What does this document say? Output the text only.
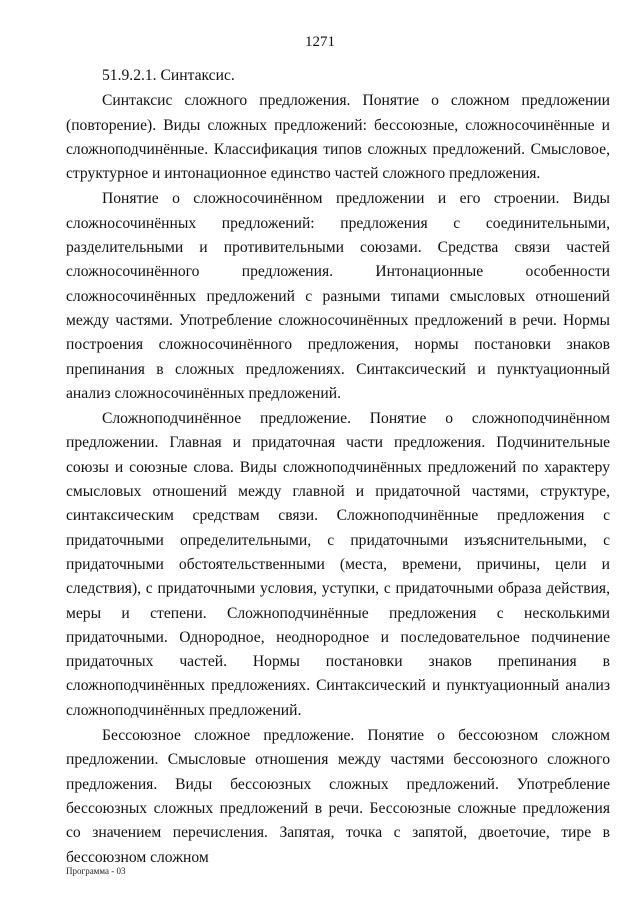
1271

51.9.2.1. Синтаксис.

Синтаксис сложного предложения. Понятие о сложном предложении (повторение). Виды сложных предложений: бессоюзные, сложносочинённые и сложноподчинённые. Классификация типов сложных предложений. Смысловое, структурное и интонационное единство частей сложного предложения.

Понятие о сложносочинённом предложении и его строении. Виды сложносочинённых предложений: предложения с соединительными, разделительными и противительными союзами. Средства связи частей сложносочинённого предложения. Интонационные особенности сложносочинённых предложений с разными типами смысловых отношений между частями. Употребление сложносочинённых предложений в речи. Нормы построения сложносочинённого предложения, нормы постановки знаков препинания в сложных предложениях. Синтаксический и пунктуационный анализ сложносочинённых предложений.

Сложноподчинённое предложение. Понятие о сложноподчинённом предложении. Главная и придаточная части предложения. Подчинительные союзы и союзные слова. Виды сложноподчинённых предложений по характеру смысловых отношений между главной и придаточной частями, структуре, синтаксическим средствам связи. Сложноподчинённые предложения с придаточными определительными, с придаточными изъяснительными, с придаточными обстоятельственными (места, времени, причины, цели и следствия), с придаточными условия, уступки, с придаточными образа действия, меры и степени. Сложноподчинённые предложения с несколькими придаточными. Однородное, неоднородное и последовательное подчинение придаточных частей. Нормы постановки знаков препинания в сложноподчинённых предложениях. Синтаксический и пунктуационный анализ сложноподчинённых предложений.

Бессоюзное сложное предложение. Понятие о бессоюзном сложном предложении. Смысловые отношения между частями бессоюзного сложного предложения. Виды бессоюзных сложных предложений. Употребление бессоюзных сложных предложений в речи. Бессоюзные сложные предложения со значением перечисления. Запятая, точка с запятой, двоеточие, тире в бессоюзном сложном

Программа - 03
